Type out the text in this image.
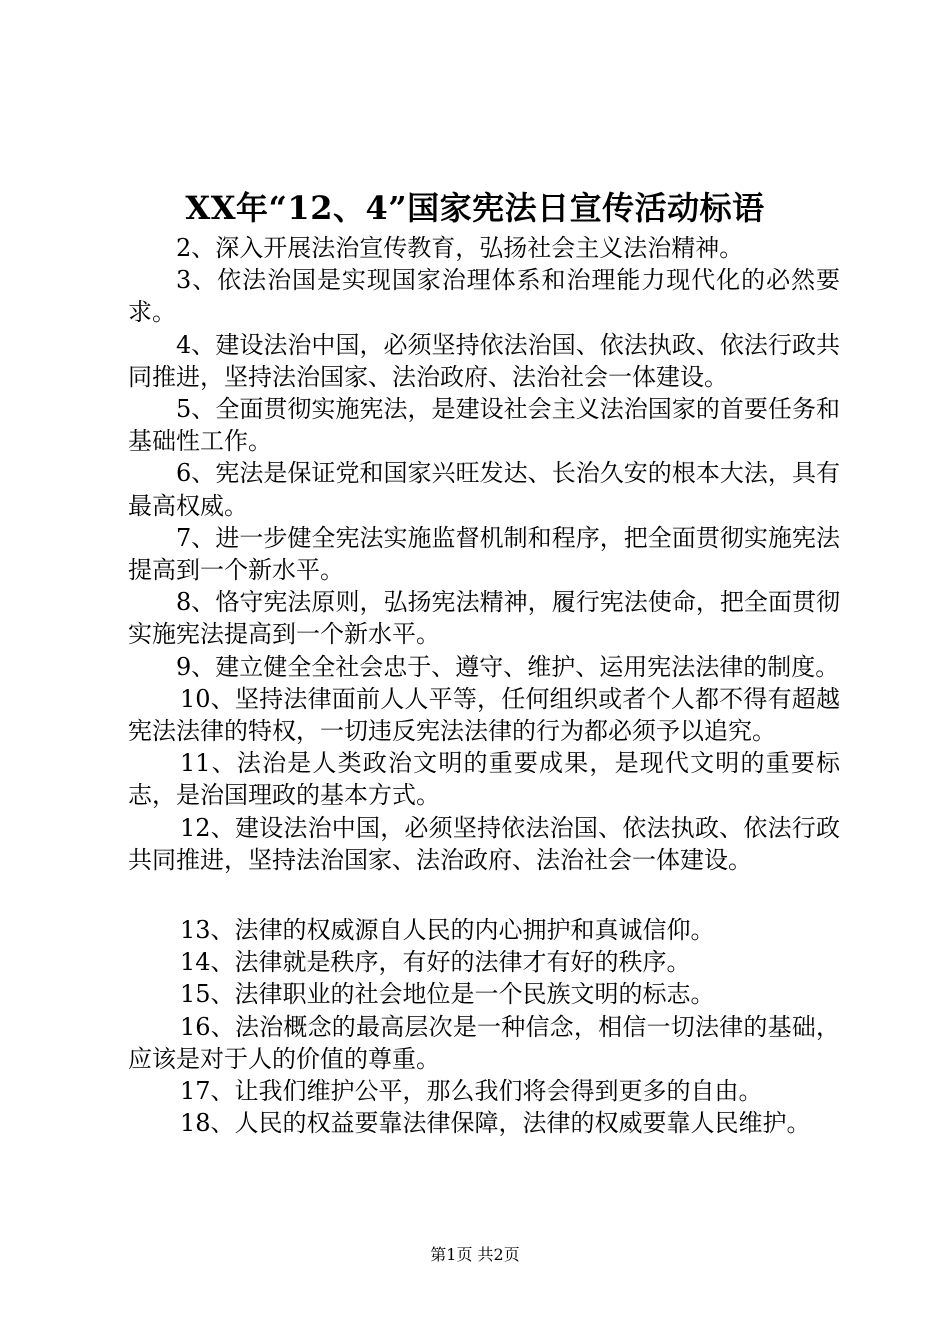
XX年“12、4”国家宪法日宣传活动标语

2、深入开展法治宣传教育，弘扬社会主义法治精神。

3、依法治国是实现国家治理体系和治理能力现代化的必然要求。

4、建设法治中国，必须坚持依法治国、依法执政、依法行政共同推进，坚持法治国家、法治政府、法治社会一体建设。

5、全面贯彻实施宪法，是建设社会主义法治国家的首要任务和基础性工作。

6、宪法是保证党和国家兴旺发达、长治久安的根本大法，具有最高权威。

7、进一步健全宪法实施监督机制和程序，把全面贯彻实施宪法提高到一个新水平。

8、恪守宪法原则，弘扬宪法精神，履行宪法使命，把全面贯彻实施宪法提高到一个新水平。

9、建立健全全社会忠于、遵守、维护、运用宪法法律的制度。

10、坚持法律面前人人平等，任何组织或者个人都不得有超越宪法法律的特权，一切违反宪法法律的行为都必须予以追究。

11、法治是人类政治文明的重要成果，是现代文明的重要标志，是治国理政的基本方式。

12、建设法治中国，必须坚持依法治国、依法执政、依法行政共同推进，坚持法治国家、法治政府、法治社会一体建设。

13、法律的权威源自人民的内心拥护和真诚信仰。

14、法律就是秩序，有好的法律才有好的秩序。

15、法律职业的社会地位是一个民族文明的标志。

16、法治概念的最高层次是一种信念，相信一切法律的基础，应该是对于人的价值的尊重。

17、让我们维护公平，那么我们将会得到更多的自由。

18、人民的权益要靠法律保障，法律的权威要靠人民维护。

第1页 共2页
